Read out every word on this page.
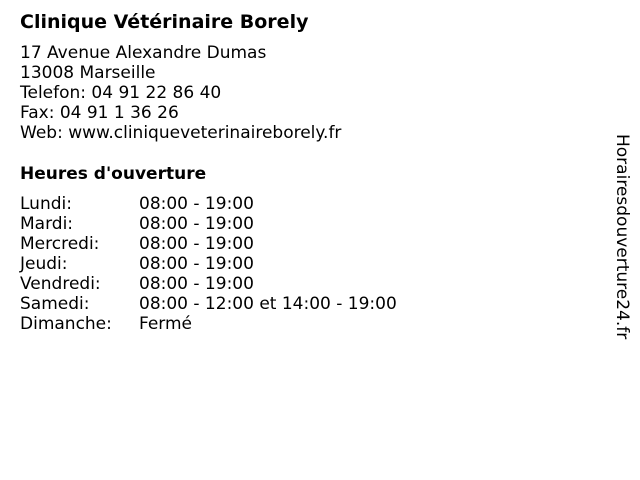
Clinique Vétérinaire Borely
17 Avenue Alexandre Dumas
13008 Marseille
Telefon: 04 91 22 86 40
Fax: 04 91 1 36 26
Web: www.cliniqueveterinaireborely.fr
Heures d'ouverture
Lundi:	08:00 - 19:00
Mardi:	08:00 - 19:00
Mercredi: 08:00 - 19:00
Jeudi:	08:00 - 19:00
Vendredi: 08:00 - 19:00
Samedi:	08:00 - 12:00 et 14:00 - 19:00
Dimanche: Fermé	Horairesdouverture24.fr
